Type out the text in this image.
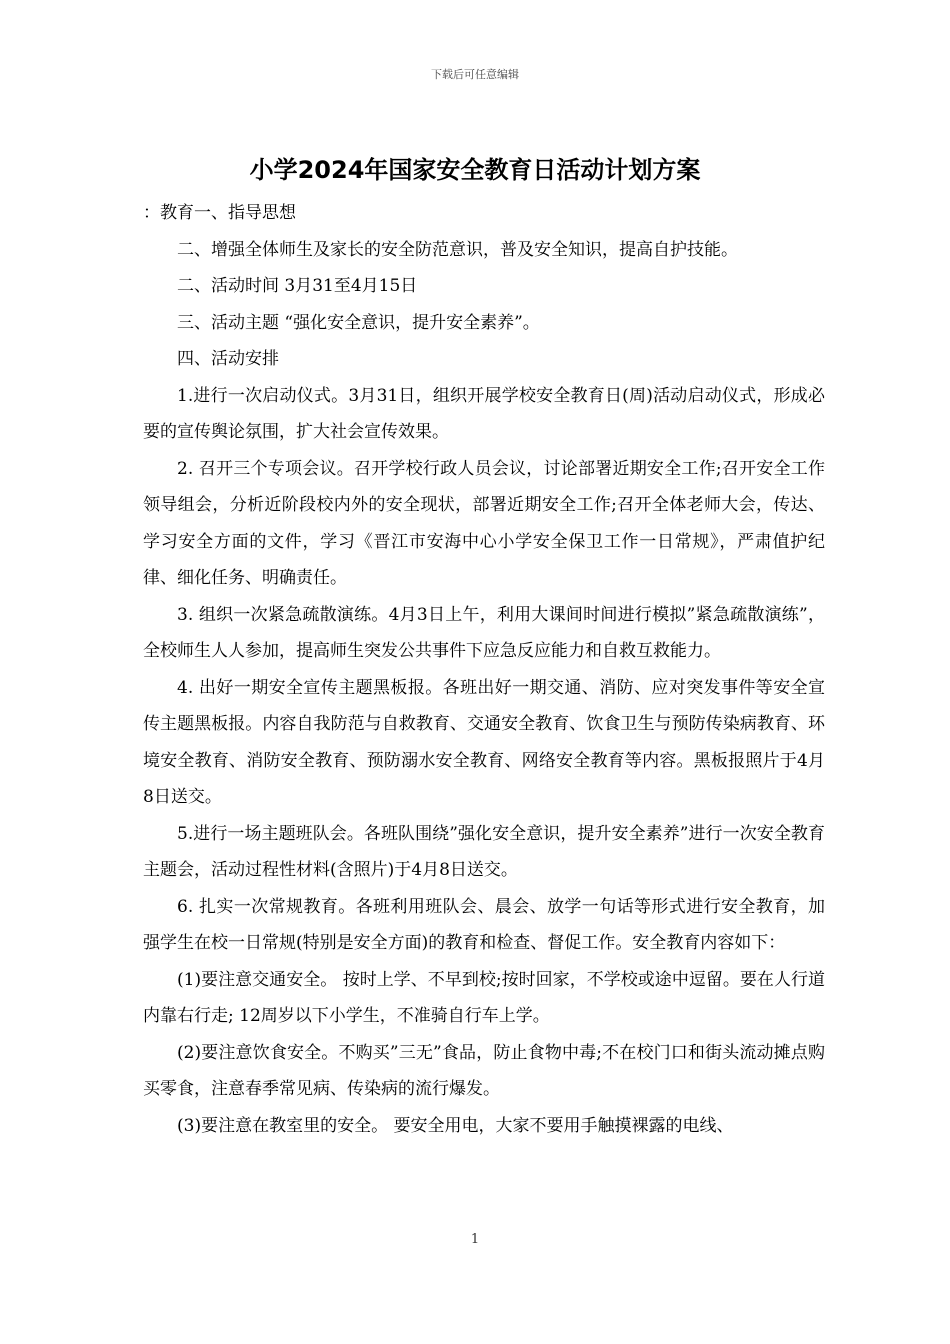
下载后可任意编辑
小学2024年国家安全教育日活动计划方案

：教育一、指导思想

二、增强全体师生及家长的安全防范意识，普及安全知识，提高自护技能。

二、活动时间 3月31至4月15日

三、活动主题 “强化安全意识，提升安全素养”。

四、活动安排

1.进行一次启动仪式。3月31日，组织开展学校安全教育日(周)活动启动仪式，形成必要的宣传舆论氛围，扩大社会宣传效果。

2. 召开三个专项会议。召开学校行政人员会议，讨论部署近期安全工作;召开安全工作领导组会，分析近阶段校内外的安全现状，部署近期安全工作;召开全体老师大会，传达、学习安全方面的文件，学习《晋江市安海中心小学安全保卫工作一日常规》，严肃值护纪律、细化任务、明确责任。

3. 组织一次紧急疏散演练。4月3日上午，利用大课间时间进行模拟”紧急疏散演练”，全校师生人人参加，提高师生突发公共事件下应急反应能力和自救互救能力。

4. 出好一期安全宣传主题黑板报。各班出好一期交通、消防、应对突发事件等安全宣传主题黑板报。内容自我防范与自救教育、交通安全教育、饮食卫生与预防传染病教育、环境安全教育、消防安全教育、预防溺水安全教育、网络安全教育等内容。黑板报照片于4月8日送交。

5.进行一场主题班队会。各班队围绕”强化安全意识，提升安全素养”进行一次安全教育主题会，活动过程性材料(含照片)于4月8日送交。

6. 扎实一次常规教育。各班利用班队会、晨会、放学一句话等形式进行安全教育，加强学生在校一日常规(特别是安全方面)的教育和检查、督促工作。安全教育内容如下：

(1)要注意交通安全。 按时上学、不早到校;按时回家，不学校或途中逗留。要在人行道内靠右行走; 12周岁以下小学生，不准骑自行车上学。

(2)要注意饮食安全。不购买”三无”食品，防止食物中毒;不在校门口和街头流动摊点购买零食，注意春季常见病、传染病的流行爆发。

(3)要注意在教室里的安全。 要安全用电，大家不要用手触摸裸露的电线、

1
